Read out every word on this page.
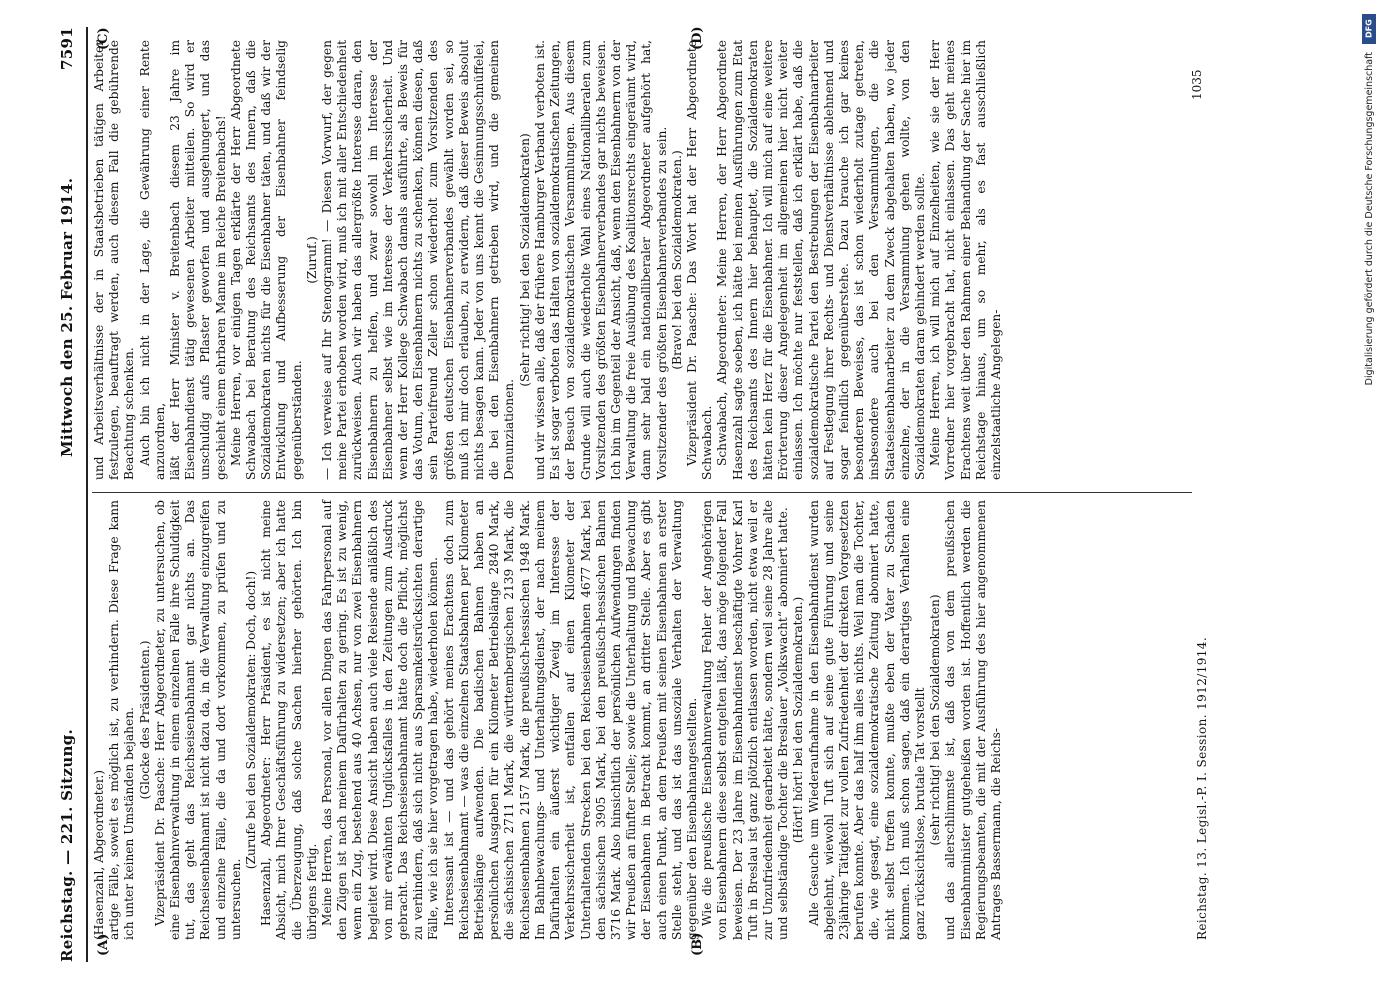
Reichstag. — 221. Sitzung.
Mittwoch den 25. Februar 1914.
7591
(A)	(B)
(C)	(D)

(Hasenzahl, Abgeordneter.) artige Fälle, soweit es möglich ist, zu verhindern. Diese Frage kann ich unter keinen Umständen bejahen. (Glocke des Präsidenten.) Vizepräsident Dr. Paasche: Herr Abgeordneter, zu untersuchen, ob eine Eisenbahnverwaltung in einem einzelnen Falle ihre Schuldigkeit tut, das geht das Reichseisenbahnamt gar nichts an. Das Reichseisenbahnamt ist nicht dazu da, in die Verwaltung einzugreifen und einzelne Fälle, die da und dort vorkommen, zu prüfen und zu untersuchen.

(Zurufe bei den Sozialdemokraten: Doch, doch!) Hasenzahl, Abgeordneter: Herr Präsident, es ist nicht meine Absicht, mich Ihrer Geschäftsführung zu widersetzen; aber ich hatte die Überzeugung, daß solche Sachen hierher gehörten. Ich bin übrigens fertig. Meine Herren, das Personal, vor allen Dingen das Fahrpersonal auf den Zügen ist nach meinem Dafürhalten zu gering. Es ist zu wenig, wenn ein Zug, bestehend aus 40 Achsen, nur von zwei Eisenbahnern begleitet wird. Diese Ansicht haben auch viele Reisende anläßlich des von mir erwähnten Unglücksfalles in den Zeitungen zum Ausdruck gebracht. Das Reichseisenbahnamt hätte doch die Pflicht, möglichst zu verhindern, daß sich nicht aus Sparsamkeitsrücksichten derartige Fälle, wie ich sie hier vorgetragen habe, wiederholen können. Interessant ist — und das gehört meines Erachtens doch zum Reichseisenbahnamt — was die einzelnen Staatsbahnen per Kilometer Betriebslänge aufwenden. Die badischen Bahnen haben an persönlichen Ausgaben für ein Kilometer Betriebslänge 2840 Mark, die sächsischen 2711 Mark, die württembergischen 2139 Mark, die Reichseisenbahnen 2157 Mark, die preußisch-hessischen 1948 Mark. Im Bahnbewachungs- und Unterhaltungsdienst, der nach meinem Dafürhalten ein äußerst wichtiger Zweig im Interesse der Verkehrssicherheit ist, entfallen auf einen Kilometer der Unterhaltenden Strecken bei den Reichseisenbahnen 4677 Mark, bei den sächsischen 3905 Mark, bei den preußisch-hessischen Bahnen 3716 Mark. Also hinsichtlich der persönlichen Aufwendungen finden wir Preußen an fünfter Stelle; sowie die Unterhaltung und Bewachung der Eisenbahnen in Betracht kommt, an dritter Stelle. Aber es gibt auch einen Punkt, an dem Preußen mit seinen Eisenbahnen an erster Stelle steht, und das ist das unsoziale Verhalten der Verwaltung gegenüber den Eisenbahnangestellten. Wie die preußische Eisenbahnverwaltung Fehler der Angehörigen von Eisenbahnern diese selbst entgelten läßt, das möge folgender Fall beweisen. Der 23 Jahre im Eisenbahndienst beschäftigte Vohrer Karl Tuft in Breslau ist ganz plötzlich entlassen worden, nicht etwa weil er zur Unzufriedenheit gearbeitet hätte, sondern weil seine 28 Jahre alte und selbständige Tochter die Breslauer „Volkswacht“ abonniert hatte. (Hört! hört! bei den Sozialdemokraten.) Alle Gesuche um Wiederaufnahme in den Eisenbahndienst wurden abgelehnt, wiewohl Tuft sich auf seine gute Führung und seine 23jährige Tätigkeit zur vollen Zufriedenheit der direkten Vorgesetzten berufen konnte. Aber das half ihm alles nichts. Weil man die Tochter, die, wie gesagt, eine sozialdemokratische Zeitung abonniert hatte, nicht selbst treffen konnte, mußte eben der Vater zu Schaden kommen. Ich muß schon sagen, daß ein derartiges Verhalten eine ganz rücksichtslose, brutale Tat vorstellt (sehr richtig! bei den Sozialdemokraten) und das allerschlimmste ist, daß das von dem preußischen Eisenbahnminister gutgeheißen worden ist. Hoffentlich werden die Regierungsbeamten, die mit der Ausführung des hier angenommenen Antrages Bassermann, die Reichs-

und Arbeitsverhältnisse der in Staatsbetrieben tätigen Arbeiter festzulegen, beauftragt werden, auch diesem Fall die gebührende Beachtung schenken. Auch bin ich nicht in der Lage, die Gewährung einer Rente anzuordnen, läßt der Herr Minister v. Breitenbach diesem 23 Jahre im Eisenbahndienst tätig gewesenen Arbeiter mitteilen. So wird er unschuldig aufs Pflaster geworfen und ausgehungert, und das geschieht einem ehrbaren Manne im Reiche Breitenbachs! Meine Herren, vor einigen Tagen erklärte der Herr Abgeordnete Schwabach bei Beratung des Reichsamts des Innern, daß die Sozialdemokraten nichts für die Eisenbahner täten, und daß wir der Entwicklung und Aufbesserung der Eisenbahner feindselig gegenüberständen.

(Zuruf.) — Ich verweise auf Ihr Stenogramm! — Diesen Vorwurf, der gegen meine Partei erhoben worden wird, muß ich mit aller Entschiedenheit zurückweisen. Auch wir haben das allergrößte Interesse daran, den Eisenbahnern zu helfen, und zwar sowohl im Interesse der Eisenbahner selbst wie im Interesse der Verkehrssicherheit. Und wenn der Herr Kollege Schwabach damals ausführte, als Beweis für das Votum, den Eisenbahnern nichts zu schenken, können diesen, daß sein Parteifreund Zeller schon wiederholt zum Vorsitzenden des größten deutschen Eisenbahnerverbandes gewählt worden sei, so muß ich mir doch erlauben, zu erwidern, daß dieser Beweis absolut nichts besagen kann. Jeder von uns kennt die Gesinnungsschnüffelei, die bei den Eisenbahnern getrieben wird, und die gemeinen Denunziationen.

(Sehr richtig! bei den Sozialdemokraten) und wir wissen alle, daß der frühere Hamburger Verband verboten ist. Es ist sogar verboten das Halten von sozialdemokratischen Zeitungen, der Besuch von sozialdemokratischen Versammlungen. Aus diesem Grunde will auch die wiederholte Wahl eines Nationalliberalen zum Vorsitzenden des größten Eisenbahnerverbandes gar nichts beweisen. Ich bin im Gegenteil der Ansicht, daß, wenn den Eisenbahnern von der Verwaltung die freie Ausübung des Koalitionsrechts eingeräumt wird, dann sehr bald ein nationalliberaler Abgeordneter aufgehört hat, Vorsitzender des größten Eisenbahnerverbandes zu sein. (Bravo! bei den Sozialdemokraten.) Vizepräsident Dr. Paasche: Das Wort hat der Herr Abgeordnete Schwabach. Schwabach, Abgeordneter: Meine Herren, der Herr Abgeordnete Hasenzahl sagte soeben, ich hätte bei meinen Ausführungen zum Etat des Reichsamts des Innern hier behauptet, die Sozialdemokraten hätten kein Herz für die Eisenbahner. Ich will mich auf eine weitere Erörterung dieser Angelegenheit im allgemeinen hier nicht weiter einlassen. Ich möchte nur feststellen, daß ich erklärt habe, daß die sozialdemokratische Partei den Bestrebungen der Eisenbahnarbeiter auf Festlegung ihrer Rechts- und Dienstverhältnisse ablehnend und sogar feindlich gegenüberstehe. Dazu brauche ich gar keines besonderen Beweises, das ist schon wiederholt zutage getreten, insbesondere auch bei den Versammlungen, die die Staatseisenbahnarbeiter zu dem Zweck abgehalten haben, wo jeder einzelne, der in die Versammlung gehen wollte, von den Sozialdemokraten daran gehindert werden sollte. Meine Herren, ich will mich auf Einzelheiten, wie sie der Herr Vorredner hier vorgebracht hat, nicht einlassen. Das geht meines Erachtens weit über den Rahmen einer Behandlung der Sache hier im Reichstage hinaus, um so mehr, als es fast ausschließlich einzelstaatliche Angelegen-

Reichstag. 13. Legisl.-P. I. Session. 1912/1914.
1035
DFG
Digitalisierung gefördert durch die Deutsche Forschungsgemeinschaft
